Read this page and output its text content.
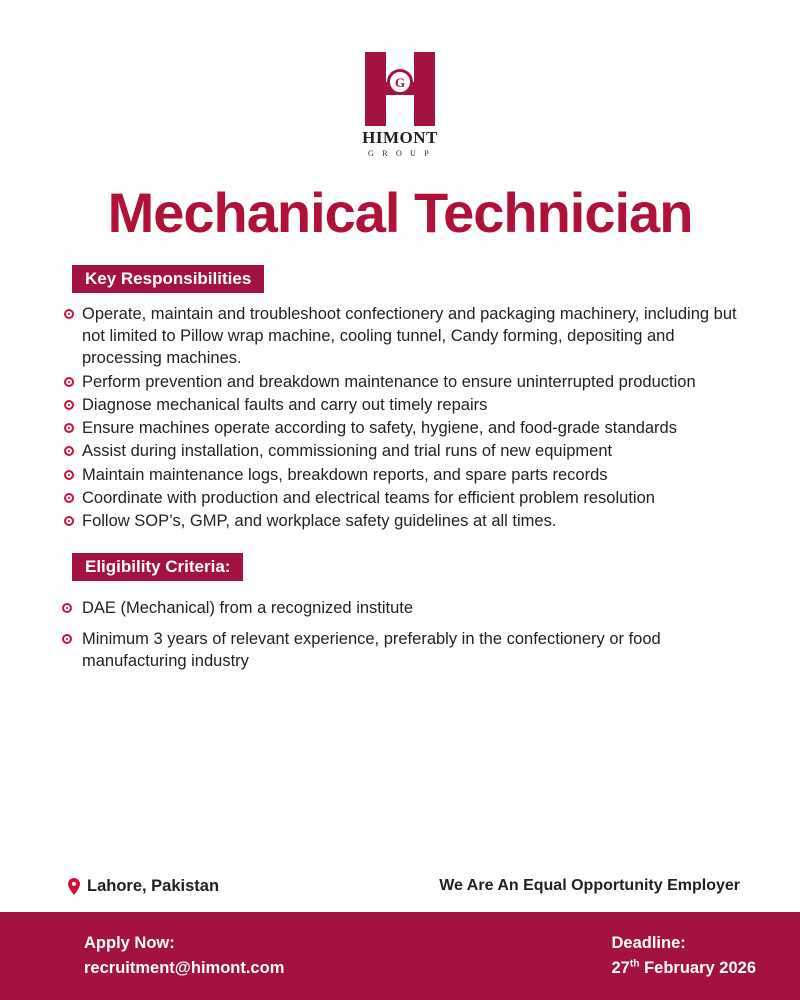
G
HIMONT
G R O U P
Mechanical Technician
Key Responsibilities
Operate, maintain and troubleshoot confectionery and packaging machinery, including but not limited to Pillow wrap machine, cooling tunnel, Candy forming, depositing and processing machines.
Perform prevention and breakdown maintenance to ensure uninterrupted production
Diagnose mechanical faults and carry out timely repairs
Ensure machines operate according to safety, hygiene, and food-grade standards
Assist during installation, commissioning and trial runs of new equipment
Maintain maintenance logs, breakdown reports, and spare parts records
Coordinate with production and electrical teams for efficient problem resolution
Follow SOP’s, GMP, and workplace safety guidelines at all times.
Eligibility Criteria:
DAE (Mechanical) from a recognized institute
Minimum 3 years of relevant experience, preferably in the confectionery or food manufacturing industry
Lahore, Pakistan	We Are An Equal Opportunity Employer
Apply Now:
recruitment@himont.com
Deadline:
27th February 2026
